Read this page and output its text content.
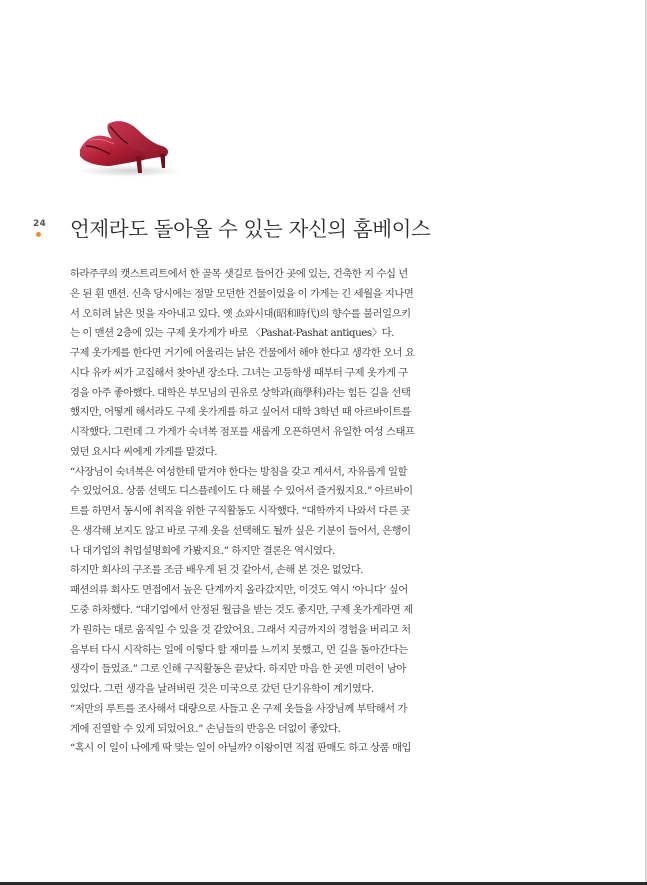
24 언제라도 돌아올 수 있는 자신의 홈베이스
하라주쿠의 캣스트리트에서 한 골목 샛길로 들어간 곳에 있는, 건축한 지 수십 년
은 된 흰 맨션. 신축 당시에는 정말 모던한 건물이었을 이 가게는 긴 세월을 지나면
서 오히려 낡은 멋을 자아내고 있다. 옛 쇼와시대(昭和時代)의 향수를 불러일으키
는 이 맨션 2층에 있는 구제 옷가게가 바로 〈Pashat-Pashat antiques〉다.
구제 옷가게를 한다면 거기에 어울리는 낡은 건물에서 해야 한다고 생각한 오너 요
시다 유카 씨가 고집해서 찾아낸 장소다. 그녀는 고등학생 때부터 구제 옷가게 구
경을 아주 좋아했다. 대학은 부모님의 권유로 상학과(商學科)라는 힘든 길을 선택
했지만, 어떻게 해서라도 구제 옷가게를 하고 싶어서 대학 3학년 때 아르바이트를
시작했다. 그런데 그 가게가 숙녀복 점포를 새롭게 오픈하면서 유일한 여성 스태프
였던 요시다 씨에게 가게를 맡겼다.
“사장님이 숙녀복은 여성한테 맡겨야 한다는 방침을 갖고 계셔서, 자유롭게 일할
수 있었어요. 상품 선택도 디스플레이도 다 해볼 수 있어서 즐거웠지요.” 아르바이
트를 하면서 동시에 취직을 위한 구직활동도 시작했다. “대학까지 나와서 다른 곳
은 생각해 보지도 않고 바로 구제 옷을 선택해도 될까 싶은 기분이 들어서, 은행이
나 대기업의 취업설명회에 가봤지요.” 하지만 결론은 역시였다.
하지만 회사의 구조를 조금 배우게 된 것 같아서, 손해 본 것은 없었다.
패션의류 회사도 면접에서 높은 단계까지 올라갔지만, 이것도 역시 ‘아니다’ 싶어
도중 하차했다. “대기업에서 안정된 월급을 받는 것도 좋지만, 구제 옷가게라면 제
가 원하는 대로 움직일 수 있을 것 같았어요. 그래서 지금까지의 경험을 버리고 처
음부터 다시 시작하는 일에 이렇다 할 재미를 느끼지 못했고, 먼 길을 돌아간다는
생각이 들었죠.” 그로 인해 구직활동은 끝났다. 하지만 마음 한 곳엔 미련이 남아
있었다. 그런 생각을 날려버린 것은 미국으로 갔던 단기유학이 계기였다.
“저만의 루트를 조사해서 대량으로 사들고 온 구제 옷들을 사장님께 부탁해서 가
게에 진열할 수 있게 되었어요.” 손님들의 반응은 더없이 좋았다.
“혹시 이 일이 나에게 딱 맞는 일이 아닐까? 이왕이면 직접 판매도 하고 상품 매입
